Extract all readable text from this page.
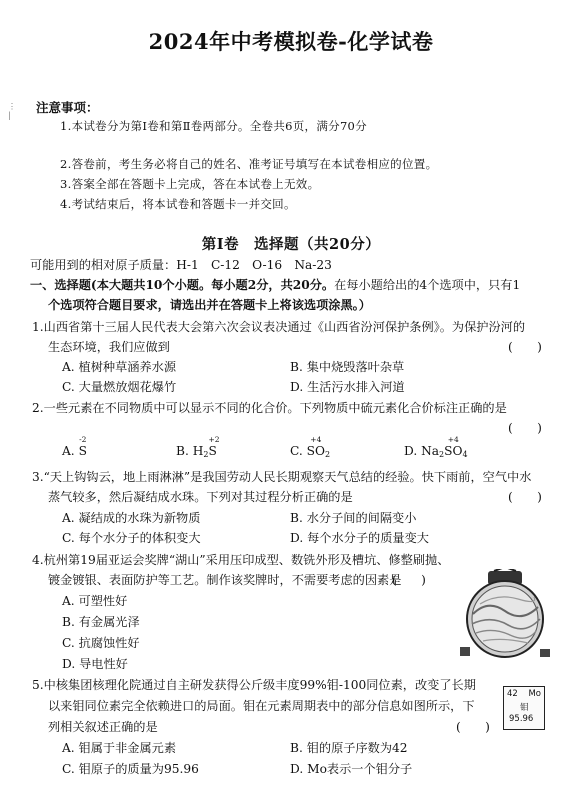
⋮
|
2024年中考模拟卷-化学试卷
注意事项：
1.本试卷分为第Ⅰ卷和第Ⅱ卷两部分。全卷共6页，满分70分
2.答卷前，考生务必将自己的姓名、准考证号填写在本试卷相应的位置。
3.答案全部在答题卡上完成，答在本试卷上无效。
4.考试结束后，将本试卷和答题卡一并交回。
第Ⅰ卷　选择题（共20分）
可能用到的相对原子质量：H-1　C-12　O-16　Na-23
一、选择题(本大题共10个小题。每小题2分，共20分。在每小题给出的4个选项中，只有1
个选项符合题目要求，请选出并在答题卡上将该选项涂黑。）
1.山西省第十三届人民代表大会第六次会议表决通过《山西省汾河保护条例》。为保护汾河的
生态环境，我们应做到	(　　)
A. 植树种草涵养水源	B. 集中烧毁落叶杂草
C. 大量燃放烟花爆竹	D. 生活污水排入河道
2.一些元素在不同物质中可以显示不同的化合价。下列物质中硫元素化合价标注正确的是
(　　)
A.
-2
S	B. $H_2$
+2
S	C.
+4
$SO_2$	D. $Na_2$
+4
$SO_4$
3.“天上钩钩云，地上雨淋淋”是我国劳动人民长期观察天气总结的经验。快下雨前，空气中水
蒸气较多，然后凝结成水珠。下列对其过程分析正确的是	(　　)
A. 凝结成的水珠为新物质	B. 水分子间的间隔变小
C. 每个水分子的体积变大	D. 每个水分子的质量变大
4.杭州第19届亚运会奖牌“湖山”采用压印成型、数铣外形及槽坑、修整刷抛、
镀金镀银、表面防护等工艺。制作该奖牌时，不需要考虑的因素是
(　　)
A. 可塑性好
B. 有金属光泽
C. 抗腐蚀性好
D. 导电性好
5.中核集团核理化院通过自主研发获得公斤级丰度99%钼-100同位素，改变了长期
以来钼同位素完全依赖进口的局面。钼在元素周期表中的部分信息如图所示，下
列相关叙述正确的是	(　　)
A. 钼属于非金属元素	B. 钼的原子序数为42
C. 钼原子的质量为95.96	D. Mo表示一个钼分子
42 Mo
钼
95.96
